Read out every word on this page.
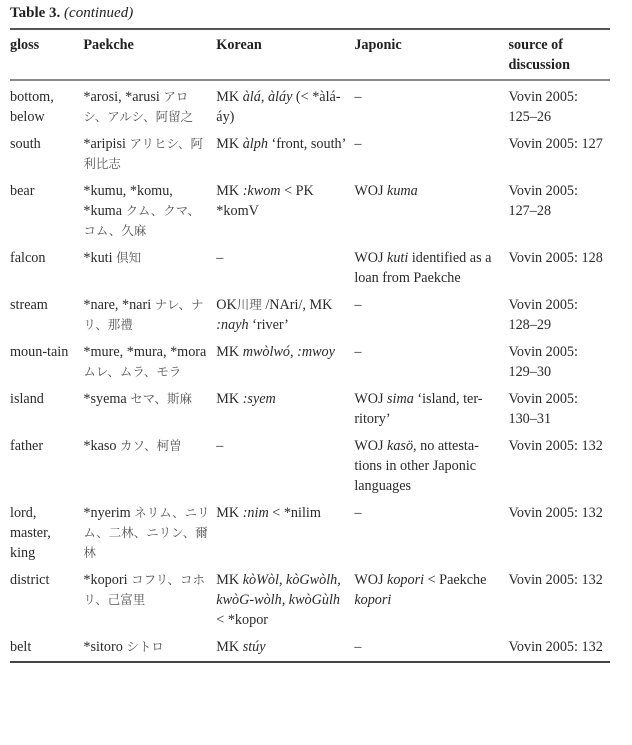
Table 3. (continued)
gloss	Paekche	Korean	Japonic	source of discussion
bottom, below	*arosi, *arusi アロシ、アルシ、阿留之	MK àlá, àláy (< *àlá-áy)	–	Vovin 2005: 125–26
south	*aripisi アリヒシ、阿利比志	MK àlph ‘front, south’	–	Vovin 2005: 127
bear	*kumu, *komu, *kuma クム、クマ、コム、久麻	MK :kwom < PK *komV	WOJ kuma	Vovin 2005: 127–28
falcon	*kuti 倶知	–	WOJ kuti identified as a loan from Paekche	Vovin 2005: 128
stream	*nare, *nari ナレ、ナリ、那禮	OK川理 /NAri/, MK :nayh ‘river’	–	Vovin 2005: 128–29
moun-tain	*mure, *mura, *mora ムレ、ムラ、モラ	MK mwòlwó, :mwoy	–	Vovin 2005: 129–30
island	*syema セマ、斯麻	MK :syem	WOJ sima ‘island, ter-ritory’	Vovin 2005: 130–31
father	*kaso カソ、柯曽	–	WOJ kasö, no attesta-tions in other Japonic languages	Vovin 2005: 132
lord, master, king	*nyerim ネリム、ニリム、二林、ニリン、爾林	MK :nim < *nilim	–	Vovin 2005: 132
district	*kopori コフリ、コホリ、己富里	MK kòWòl, kòGwòlh, kwòG-wòlh, kwòGùlh < *kopor	WOJ kopori < Paekche kopori	Vovin 2005: 132
belt	*sitoro シトロ	MK stúy	–	Vovin 2005: 132
